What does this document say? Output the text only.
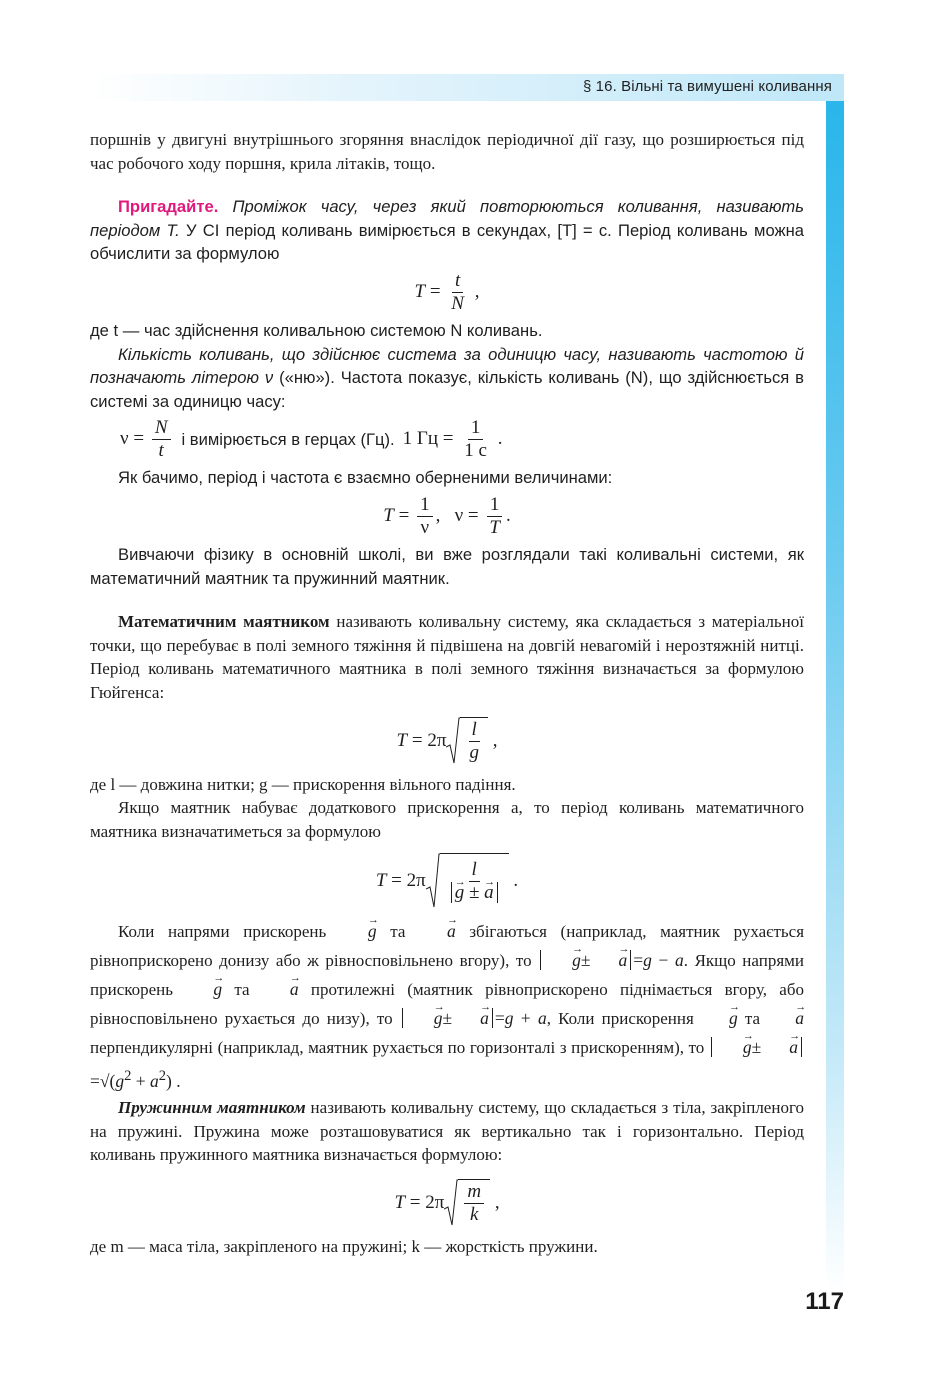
§ 16. Вільні та вимушені коливання

поршнів у двигуні внутрішнього згоряння внаслідок періодичної дії газу, що розширюється під час робочого ходу поршня, крила літаків, тощо.

Пригадайте. Проміжок часу, через який повторюються коливання, називають періодом T. У СІ період коливань вимірюється в секундах, [T] = с. Період коливань можна обчислити за формулою

$T = \frac{t}{N}$ ,

де t — час здійснення коливальною системою N коливань.

Кількість коливань, що здійснює система за одиницю часу, називають частотою й позначають літерою ν («ню»). Частота показує, кількість коливань (N), що здійснюється в системі за одиницю часу:

$\nu = \frac{N}{t}$ і вимірюється в герцах (Гц). 1 Гц = $\frac{1}{1 с}$ .

Як бачимо, період і частота є взаємно оберненими величинами:

$T = \frac{1}{\nu}$ ,   $\nu = \frac{1}{T}$ .

Вивчаючи фізику в основній школі, ви вже розглядали такі коливальні системи, як математичний маятник та пружинний маятник.

Математичним маятником називають коливальну систему, яка складається з матеріальної точки, що перебуває в полі земного тяжіння й підвішена на довгій невагомій і нерозтяжній нитці. Період коливань математичного маятника в полі земного тяжіння визначається за формулою Гюйгенса:

$T = 2\pi \frac{l}{g}$ ,

де l — довжина нитки; g — прискорення вільного падіння.

Якщо маятник набуває додаткового прискорення a, то період коливань математичного маятника визначатиметься за формулою

$T = 2\pi \frac{l}{g \to \pm a}$ → .

Коли напрями прискорень g → та a → збігаються (наприклад, маятник рухається рівноприскорено донизу або ж рівносповільнено вгору), то g →± a → =g − a. Якщо напрями прискорень g → та a → протилежні (маятник рівноприскорено піднімається вгору, або рівносповільнено рухається до низу), то g →± a → =g + a, Коли прискорення g → та a → перпендикулярні (наприклад, маятник рухається по горизонталі з прискоренням), то $g \to\pm a \to=√(g^2 + a^2)$ .

Пружинним маятником називають коливальну систему, що складається з тіла, закріпленого на пружині. Пружина може розташовуватися як вертикально так і горизонтально. Період коливань пружинного маятника визначається формулою:

$T = 2\pi \frac{m}{k}$ ,

де m — маса тіла, закріпленого на пружині; k — жорсткість пружини.

117
